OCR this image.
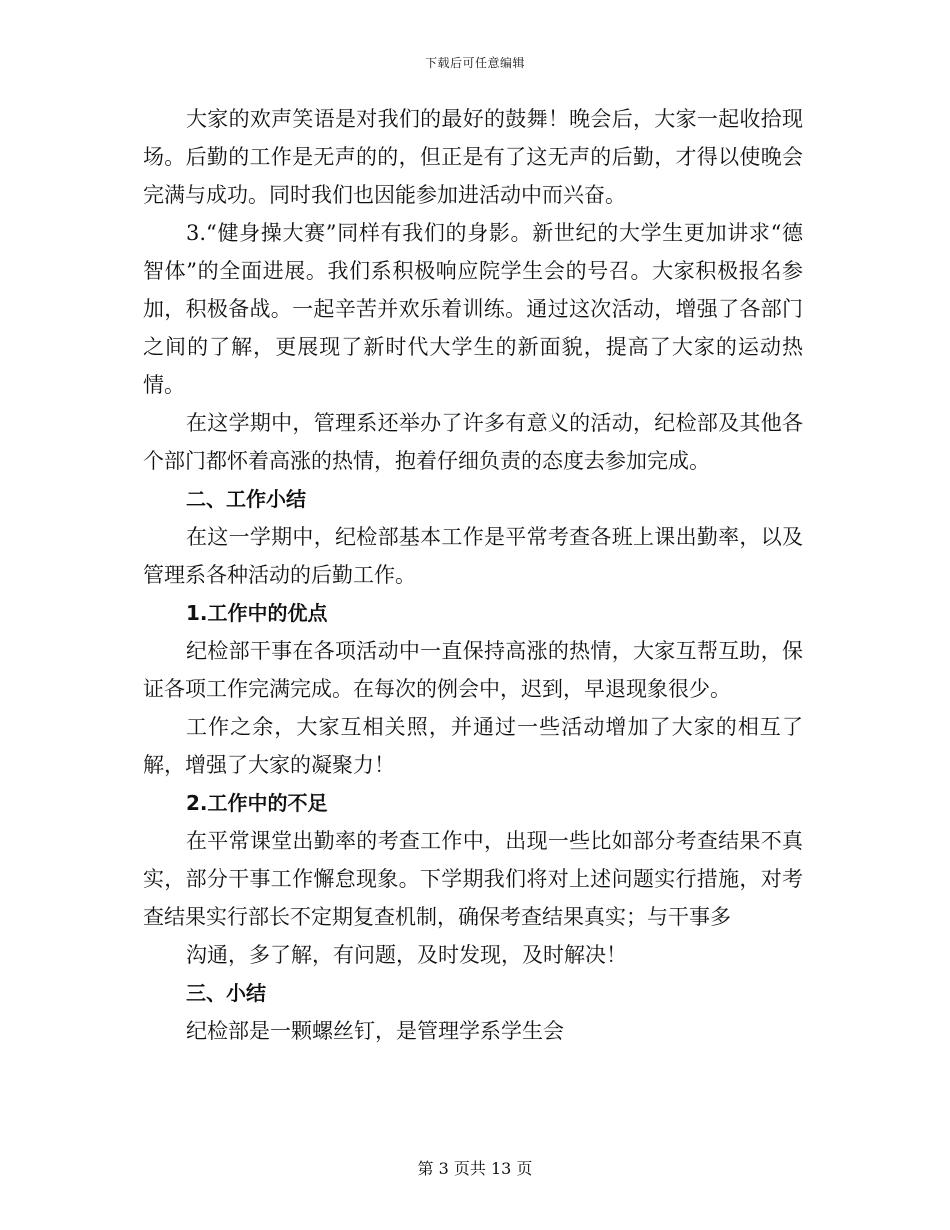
下载后可任意编辑

大家的欢声笑语是对我们的最好的鼓舞！晚会后，大家一起收拾现场。后勤的工作是无声的的，但正是有了这无声的后勤，才得以使晚会完满与成功。同时我们也因能参加进活动中而兴奋。

3.“健身操大赛”同样有我们的身影。新世纪的大学生更加讲求“德智体”的全面进展。我们系积极响应院学生会的号召。大家积极报名参加，积极备战。一起辛苦并欢乐着训练。通过这次活动，增强了各部门之间的了解，更展现了新时代大学生的新面貌，提高了大家的运动热情。

在这学期中，管理系还举办了许多有意义的活动，纪检部及其他各个部门都怀着高涨的热情，抱着仔细负责的态度去参加完成。

二、工作小结

在这一学期中，纪检部基本工作是平常考查各班上课出勤率，以及管理系各种活动的后勤工作。

1.工作中的优点

纪检部干事在各项活动中一直保持高涨的热情，大家互帮互助，保证各项工作完满完成。在每次的例会中，迟到，早退现象很少。

工作之余，大家互相关照，并通过一些活动增加了大家的相互了解，增强了大家的凝聚力！

2.工作中的不足

在平常课堂出勤率的考查工作中，出现一些比如部分考查结果不真实，部分干事工作懈怠现象。下学期我们将对上述问题实行措施，对考查结果实行部长不定期复查机制，确保考查结果真实；与干事多

沟通，多了解，有问题，及时发现，及时解决！

三、小结

纪检部是一颗螺丝钉，是管理学系学生会

第 3 页共 13 页
